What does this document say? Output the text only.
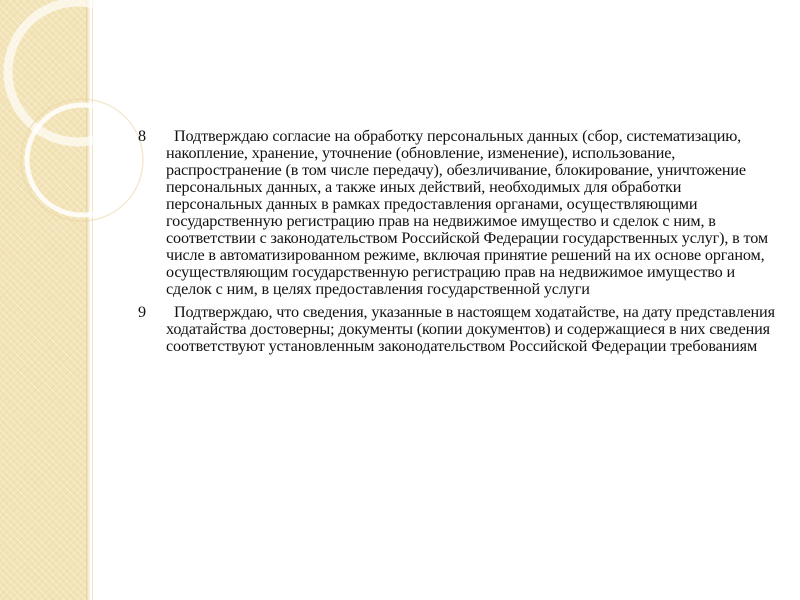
8	Подтверждаю согласие на обработку персональных данных (сбор, систематизацию, накопление, хранение, уточнение (обновление, изменение), использование, распространение (в том числе передачу), обезличивание, блокирование, уничтожение персональных данных, а также иных действий, необходимых для обработки персональных данных в рамках предоставления органами, осуществляющими государственную регистрацию прав на недвижимое имущество и сделок с ним, в соответствии с законодательством Российской Федерации государственных услуг), в том числе в автоматизированном режиме, включая принятие решений на их основе органом, осуществляющим государственную регистрацию прав на недвижимое имущество и сделок с ним, в целях предоставления государственной услуги
9	Подтверждаю, что сведения, указанные в настоящем ходатайстве, на дату представления ходатайства достоверны; документы (копии документов) и содержащиеся в них сведения соответствуют установленным законодательством Российской Федерации требованиям
